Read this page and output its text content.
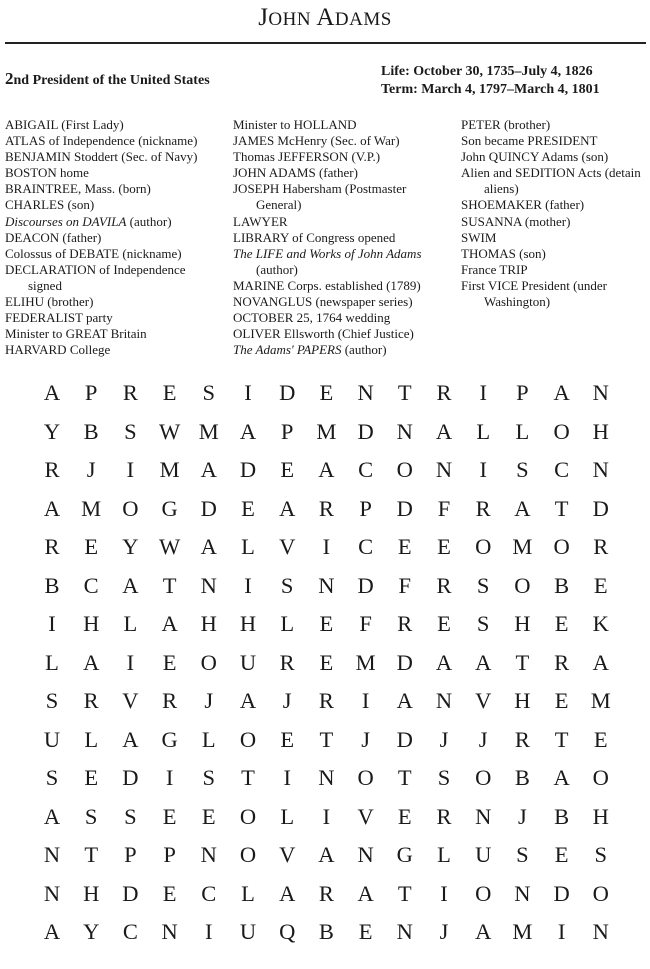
JOHN ADAMS
2nd President of the United States
Life: October 30, 1735–July 4, 1826
Term: March 4, 1797–March 4, 1801
ABIGAIL (First Lady)
ATLAS of Independence (nickname)
BENJAMIN Stoddert (Sec. of Navy)
BOSTON home
BRAINTREE, Mass. (born)
CHARLES (son)
Discourses on DAVILA (author)
DEACON (father)
Colossus of DEBATE (nickname)
DECLARATION of Independence
signed
ELIHU (brother)
FEDERALIST party
Minister to GREAT Britain
HARVARD College
Minister to HOLLAND
JAMES McHenry (Sec. of War)
Thomas JEFFERSON (V.P.)
JOHN ADAMS (father)
JOSEPH Habersham (Postmaster
General)
LAWYER
LIBRARY of Congress opened
The LIFE and Works of John Adams
(author)
MARINE Corps. established (1789)
NOVANGLUS (newspaper series)
OCTOBER 25, 1764 wedding
OLIVER Ellsworth (Chief Justice)
The Adams' PAPERS (author)
PETER (brother)
Son became PRESIDENT
John QUINCY Adams (son)
Alien and SEDITION Acts (detain
aliens)
SHOEMAKER (father)
SUSANNA (mother)
SWIM
THOMAS (son)
France TRIP
First VICE President (under
Washington)
A	P	R	E	S	I	D	E	N	T	R	I	P	A	N
Y	B	S W M A	P	M D	N	A	L	L	O	H
R	J	I	M A	D	E	A	C	O	N	I	S	C	N
A M O	G	D	E	A	R	P	D	F	R	A	T	D
R	E	Y W A	L	V	I	C	E	E	O M O	R
B	C	A	T	N	I	S	N	D	F	R	S	O	B	E
I	H	L	A	H	H	L	E	F	R	E	S	H	E	K
L	A	I	E	O	U	R	E M D	A	A	T	R	A
S	R	V	R	J	A	J	R	I	A	N	V	H	E M
U	L	A	G	L	O	E	T	J	D	J	J	R	T	E
S	E	D	I	S	T	I	N	O	T	S	O	B	A	O
A	S	S	E	E	O	L	I	V	E	R	N	J	B	H
N	T	P	P	N	O	V	A	N	G	L	U	S	E	S
N	H	D	E	C	L	A	R	A	T	I	O	N	D	O
A	Y	C	N	I	U	Q	B	E	N	J	A M	I	N
